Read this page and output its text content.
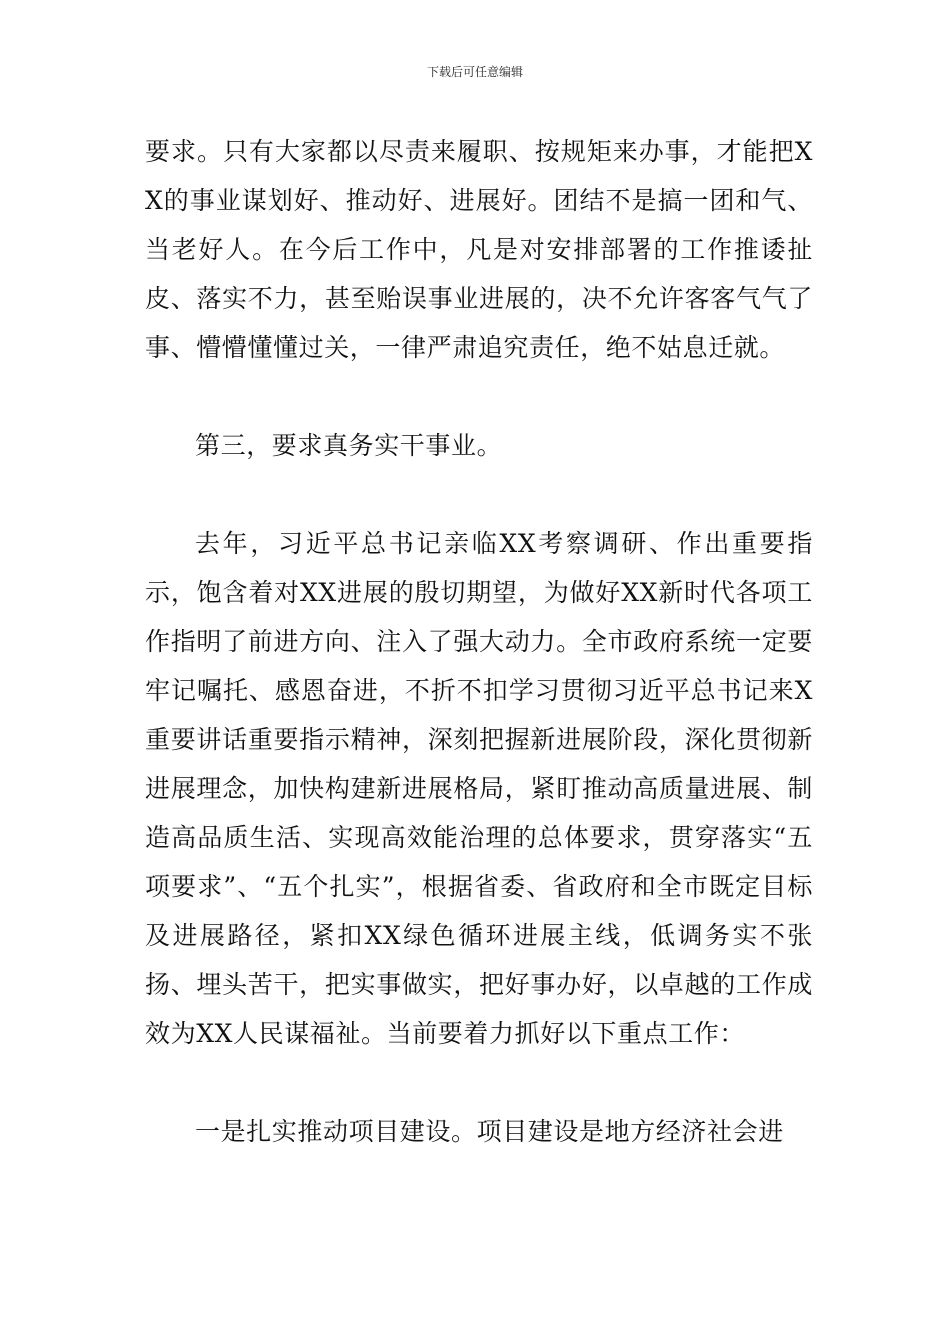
下载后可任意编辑

要求。只有大家都以尽责来履职、按规矩来办事，才能把XX的事业谋划好、推动好、进展好。团结不是搞一团和气、当老好人。在今后工作中，凡是对安排部署的工作推诿扯皮、落实不力，甚至贻误事业进展的，决不允许客客气气了事、懵懵懂懂过关，一律严肃追究责任，绝不姑息迁就。

第三，要求真务实干事业。

去年，习近平总书记亲临XX考察调研、作出重要指示，饱含着对XX进展的殷切期望，为做好XX新时代各项工作指明了前进方向、注入了强大动力。全市政府系统一定要牢记嘱托、感恩奋进，不折不扣学习贯彻习近平总书记来X重要讲话重要指示精神，深刻把握新进展阶段，深化贯彻新进展理念，加快构建新进展格局，紧盯推动高质量进展、制造高品质生活、实现高效能治理的总体要求，贯穿落实“五项要求”、“五个扎实”，根据省委、省政府和全市既定目标及进展路径，紧扣XX绿色循环进展主线，低调务实不张扬、埋头苦干，把实事做实，把好事办好，以卓越的工作成效为XX人民谋福祉。当前要着力抓好以下重点工作：

一是扎实推动项目建设。项目建设是地方经济社会进
